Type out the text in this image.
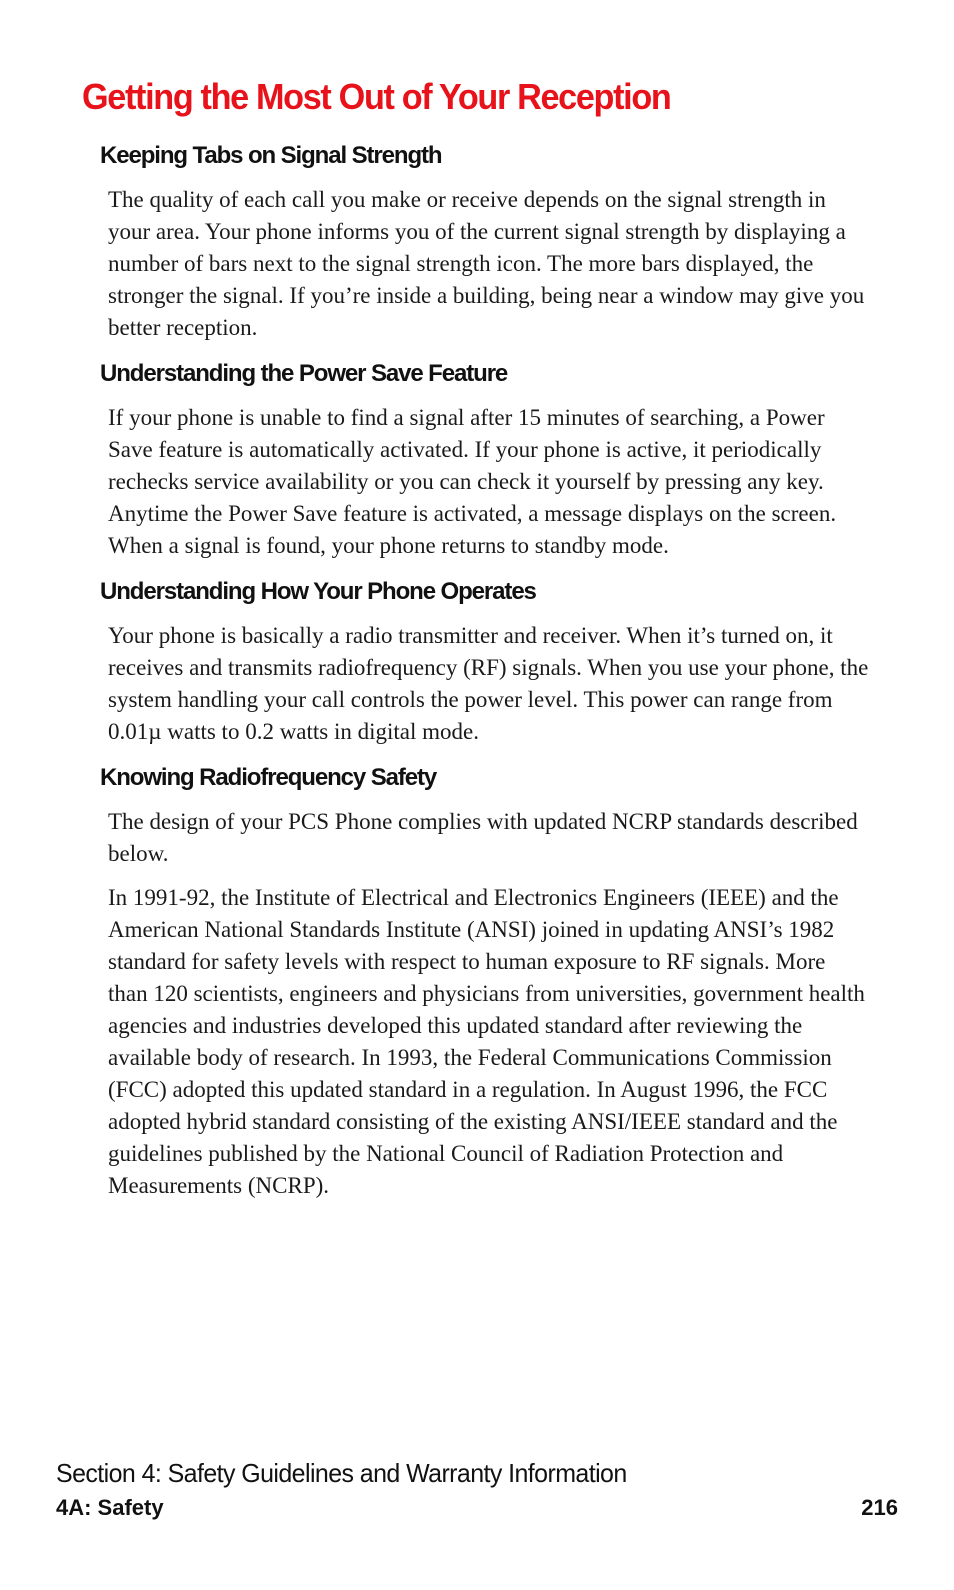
Getting the Most Out of Your Reception
Keeping Tabs on Signal Strength

The quality of each call you make or receive depends on the signal strength in your area. Your phone informs you of the current signal strength by displaying a number of bars next to the signal strength icon. The more bars displayed, the stronger the signal. If you’re inside a building, being near a window may give you better reception.

Understanding the Power Save Feature

If your phone is unable to find a signal after 15 minutes of searching, a Power Save feature is automatically activated. If your phone is active, it periodically rechecks service availability or you can check it yourself by pressing any key. Anytime the Power Save feature is activated, a message displays on the screen. When a signal is found, your phone returns to standby mode.

Understanding How Your Phone Operates

Your phone is basically a radio transmitter and receiver. When it’s turned on, it receives and transmits radiofrequency (RF) signals. When you use your phone, the system handling your call controls the power level. This power can range from 0.01µ watts to 0.2 watts in digital mode.

Knowing Radiofrequency Safety

The design of your PCS Phone complies with updated NCRP standards described below.

In 1991-92, the Institute of Electrical and Electronics Engineers (IEEE) and the American National Standards Institute (ANSI) joined in updating ANSI’s 1982 standard for safety levels with respect to human exposure to RF signals. More than 120 scientists, engineers and physicians from universities, government health agencies and industries developed this updated standard after reviewing the available body of research. In 1993, the Federal Communications Commission (FCC) adopted this updated standard in a regulation. In August 1996, the FCC adopted hybrid standard consisting of the existing ANSI/IEEE standard and the guidelines published by the National Council of Radiation Protection and Measurements (NCRP).

Section 4: Safety Guidelines and Warranty Information
4A: Safety	216
